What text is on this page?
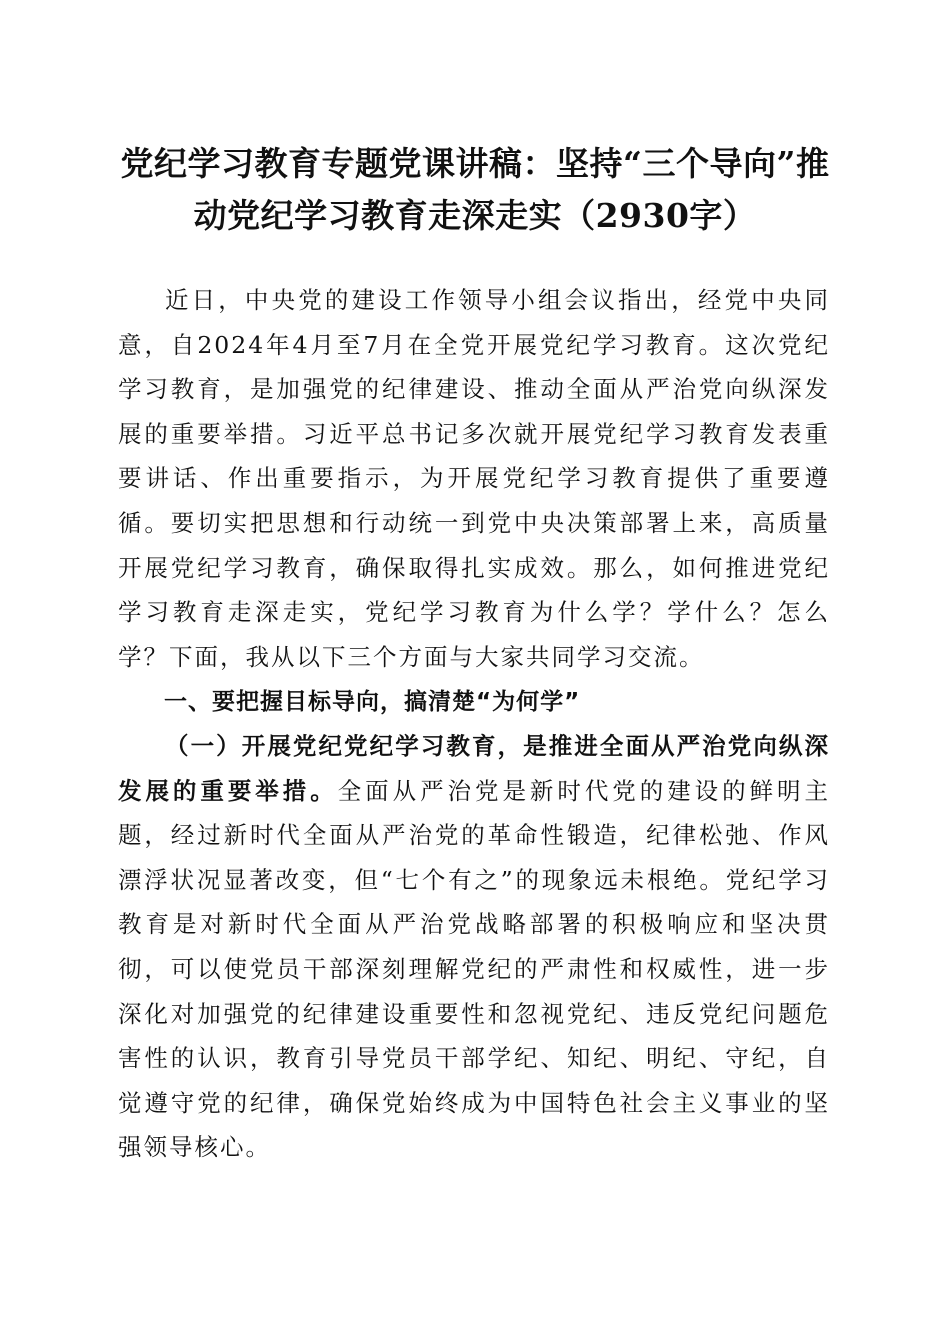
党纪学习教育专题党课讲稿：坚持“三个导向”推动党纪学习教育走深走实（2930字）

近日，中央党的建设工作领导小组会议指出，经党中央同意，自2024年4月至7月在全党开展党纪学习教育。这次党纪学习教育，是加强党的纪律建设、推动全面从严治党向纵深发展的重要举措。习近平总书记多次就开展党纪学习教育发表重要讲话、作出重要指示，为开展党纪学习教育提供了重要遵循。要切实把思想和行动统一到党中央决策部署上来，高质量开展党纪学习教育，确保取得扎实成效。那么，如何推进党纪学习教育走深走实，党纪学习教育为什么学？学什么？怎么学？下面，我从以下三个方面与大家共同学习交流。

一、要把握目标导向，搞清楚“为何学”

（一）开展党纪党纪学习教育，是推进全面从严治党向纵深发展的重要举措。全面从严治党是新时代党的建设的鲜明主题，经过新时代全面从严治党的革命性锻造，纪律松弛、作风漂浮状况显著改变，但“七个有之”的现象远未根绝。党纪学习教育是对新时代全面从严治党战略部署的积极响应和坚决贯彻，可以使党员干部深刻理解党纪的严肃性和权威性，进一步深化对加强党的纪律建设重要性和忽视党纪、违反党纪问题危害性的认识，教育引导党员干部学纪、知纪、明纪、守纪，自觉遵守党的纪律，确保党始终成为中国特色社会主义事业的坚强领导核心。
